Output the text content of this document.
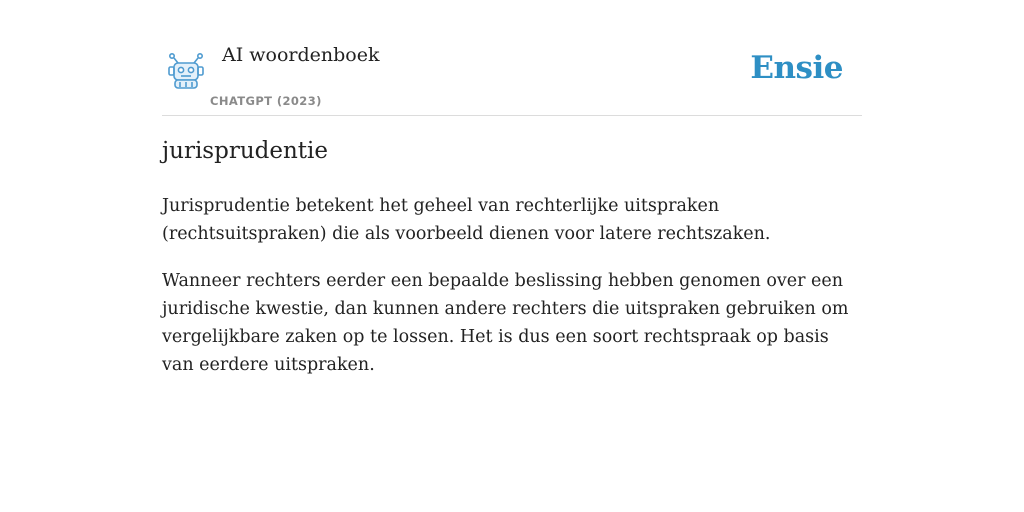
AI woordenboek
CHATGPT (2023)
Ensie
jurisprudentie

Jurisprudentie betekent het geheel van rechterlijke uitspraken (rechtsuitspraken) die als voorbeeld dienen voor latere rechtszaken.

Wanneer rechters eerder een bepaalde beslissing hebben genomen over een juridische kwestie, dan kunnen andere rechters die uitspraken gebruiken om vergelijkbare zaken op te lossen. Het is dus een soort rechtspraak op basis van eerdere uitspraken.
